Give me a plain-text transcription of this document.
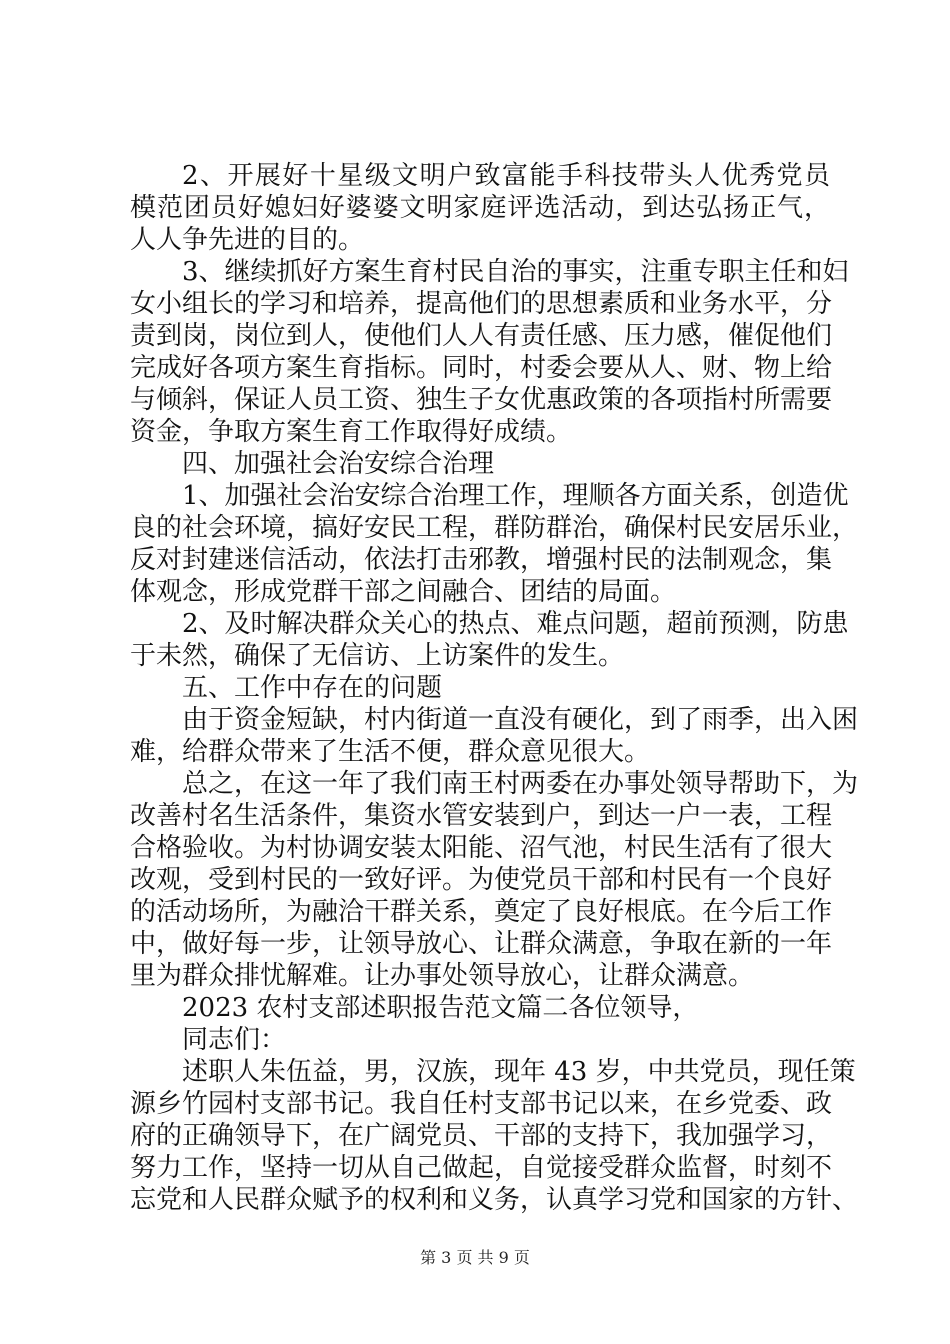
2、开展好十星级文明户致富能手科技带头人优秀党员
模范团员好媳妇好婆婆文明家庭评选活动，到达弘扬正气，
人人争先进的目的。
3、继续抓好方案生育村民自治的事实，注重专职主任和妇
女小组长的学习和培养，提高他们的思想素质和业务水平，分
责到岗，岗位到人，使他们人人有责任感、压力感，催促他们
完成好各项方案生育指标。同时，村委会要从人、财、物上给
与倾斜，保证人员工资、独生子女优惠政策的各项指村所需要
资金，争取方案生育工作取得好成绩。
四、加强社会治安综合治理
1、加强社会治安综合治理工作，理顺各方面关系，创造优
良的社会环境，搞好安民工程，群防群治，确保村民安居乐业，
反对封建迷信活动，依法打击邪教，增强村民的法制观念，集
体观念，形成党群干部之间融合、团结的局面。
2、及时解决群众关心的热点、难点问题，超前预测，防患
于未然，确保了无信访、上访案件的发生。
五、工作中存在的问题
由于资金短缺，村内街道一直没有硬化，到了雨季，出入困
难，给群众带来了生活不便，群众意见很大。
总之，在这一年了我们南王村两委在办事处领导帮助下，为
改善村名生活条件，集资水管安装到户，到达一户一表，工程
合格验收。为村协调安装太阳能、沼气池，村民生活有了很大
改观，受到村民的一致好评。为使党员干部和村民有一个良好
的活动场所，为融洽干群关系，奠定了良好根底。在今后工作
中，做好每一步，让领导放心、让群众满意，争取在新的一年
里为群众排忧解难。让办事处领导放心，让群众满意。
2023 农村支部述职报告范文篇二各位领导，
同志们：
述职人朱伍益，男，汉族，现年 43 岁，中共党员，现任策
源乡竹园村支部书记。我自任村支部书记以来，在乡党委、政
府的正确领导下，在广阔党员、干部的支持下，我加强学习，
努力工作，坚持一切从自己做起，自觉接受群众监督，时刻不
忘党和人民群众赋予的权利和义务，认真学习党和国家的方针、
第 3 页 共 9 页
